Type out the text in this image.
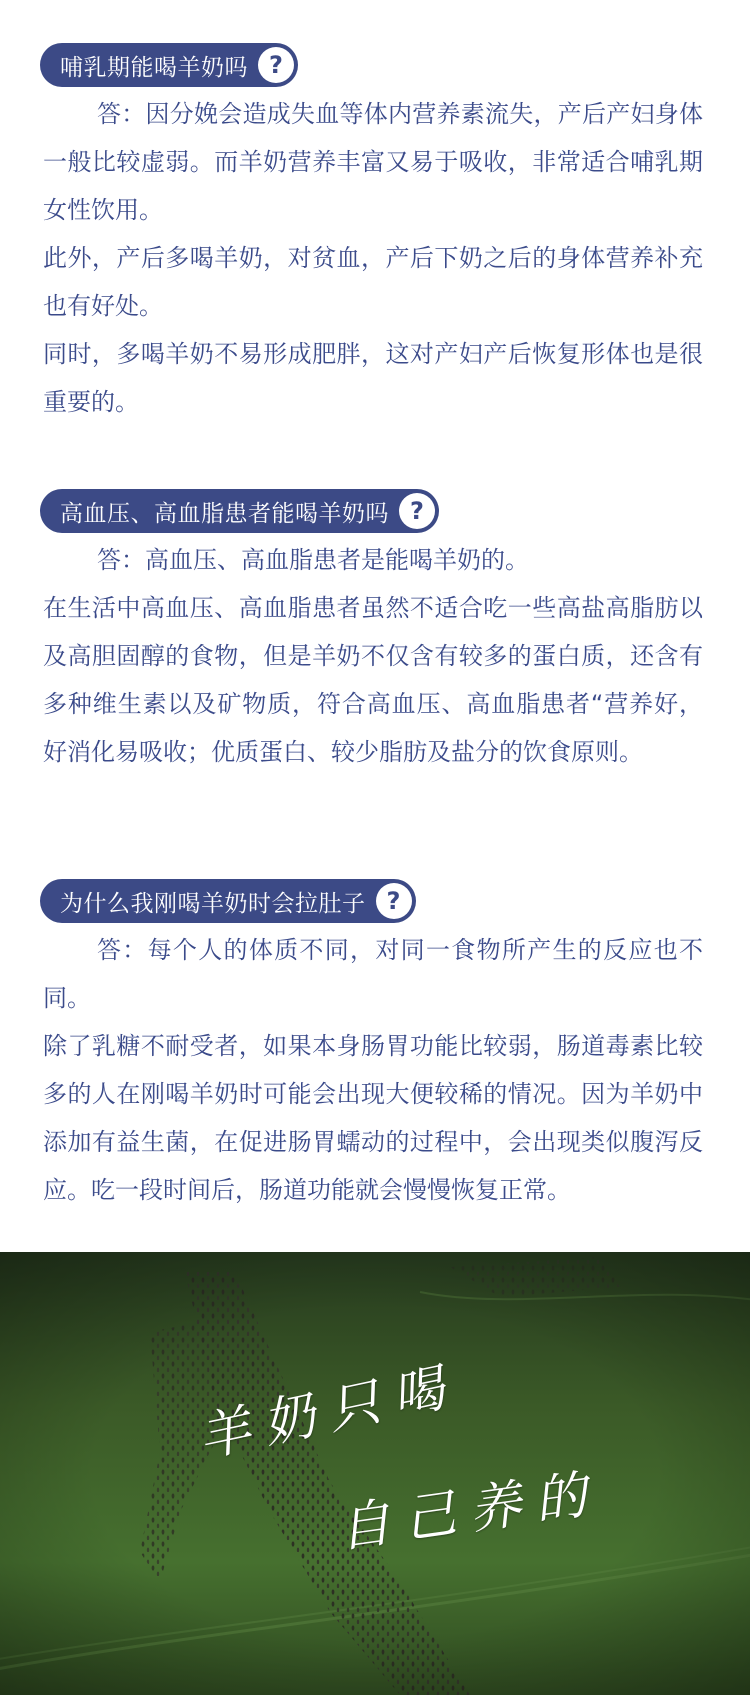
哺乳期能喝羊奶吗 ?

答：因分娩会造成失血等体内营养素流失，产后产妇身体一般比较虚弱。而羊奶营养丰富又易于吸收，非常适合哺乳期女性饮用。

此外，产后多喝羊奶，对贫血，产后下奶之后的身体营养补充也有好处。

同时，多喝羊奶不易形成肥胖，这对产妇产后恢复形体也是很重要的。

高血压、高血脂患者能喝羊奶吗 ?

答：高血压、高血脂患者是能喝羊奶的。

在生活中高血压、高血脂患者虽然不适合吃一些高盐高脂肪以及高胆固醇的食物，但是羊奶不仅含有较多的蛋白质，还含有多种维生素以及矿物质，符合高血压、高血脂患者“营养好，好消化易吸收；优质蛋白、较少脂肪及盐分的饮食原则。

为什么我刚喝羊奶时会拉肚子 ?

答：每个人的体质不同，对同一食物所产生的反应也不同。

除了乳糖不耐受者，如果本身肠胃功能比较弱，肠道毒素比较多的人在刚喝羊奶时可能会出现大便较稀的情况。因为羊奶中添加有益生菌，在促进肠胃蠕动的过程中，会出现类似腹泻反应。吃一段时间后，肠道功能就会慢慢恢复正常。

羊奶只喝
自己养的
